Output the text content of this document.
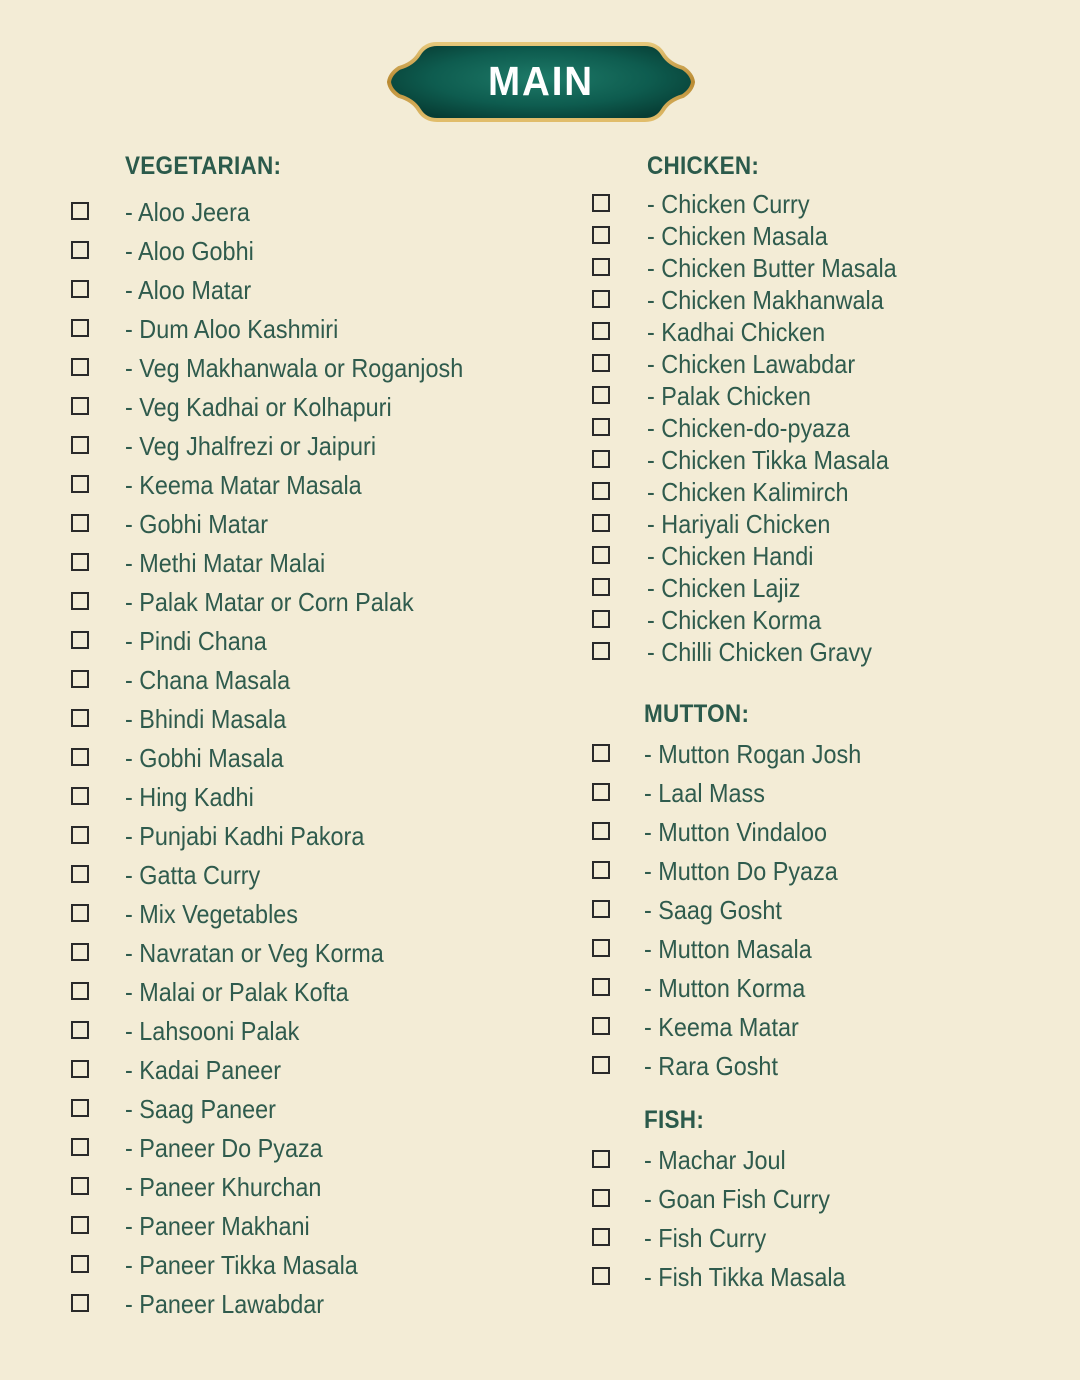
MAIN
VEGETARIAN:	CHICKEN:
MUTTON:
FISH:
- Aloo Jeera
- Aloo Gobhi
- Aloo Matar
- Dum Aloo Kashmiri
- Veg Makhanwala or Roganjosh
- Veg Kadhai or Kolhapuri
- Veg Jhalfrezi or Jaipuri
- Keema Matar Masala
- Gobhi Matar
- Methi Matar Malai
- Palak Matar or Corn Palak
- Pindi Chana
- Chana Masala
- Bhindi Masala
- Gobhi Masala
- Hing Kadhi
- Punjabi Kadhi Pakora
- Gatta Curry
- Mix Vegetables
- Navratan or Veg Korma
- Malai or Palak Kofta
- Lahsooni Palak
- Kadai Paneer
- Saag Paneer
- Paneer Do Pyaza
- Paneer Khurchan
- Paneer Makhani
- Paneer Tikka Masala
- Paneer Lawabdar
- Chicken Curry
- Chicken Masala
- Chicken Butter Masala
- Chicken Makhanwala
- Kadhai Chicken
- Chicken Lawabdar
- Palak Chicken
- Chicken-do-pyaza
- Chicken Tikka Masala
- Chicken Kalimirch
- Hariyali Chicken
- Chicken Handi
- Chicken Lajiz
- Chicken Korma
- Chilli Chicken Gravy
- Mutton Rogan Josh
- Laal Mass
- Mutton Vindaloo
- Mutton Do Pyaza
- Saag Gosht
- Mutton Masala
- Mutton Korma
- Keema Matar
- Rara Gosht
- Machar Joul
- Goan Fish Curry
- Fish Curry
- Fish Tikka Masala
